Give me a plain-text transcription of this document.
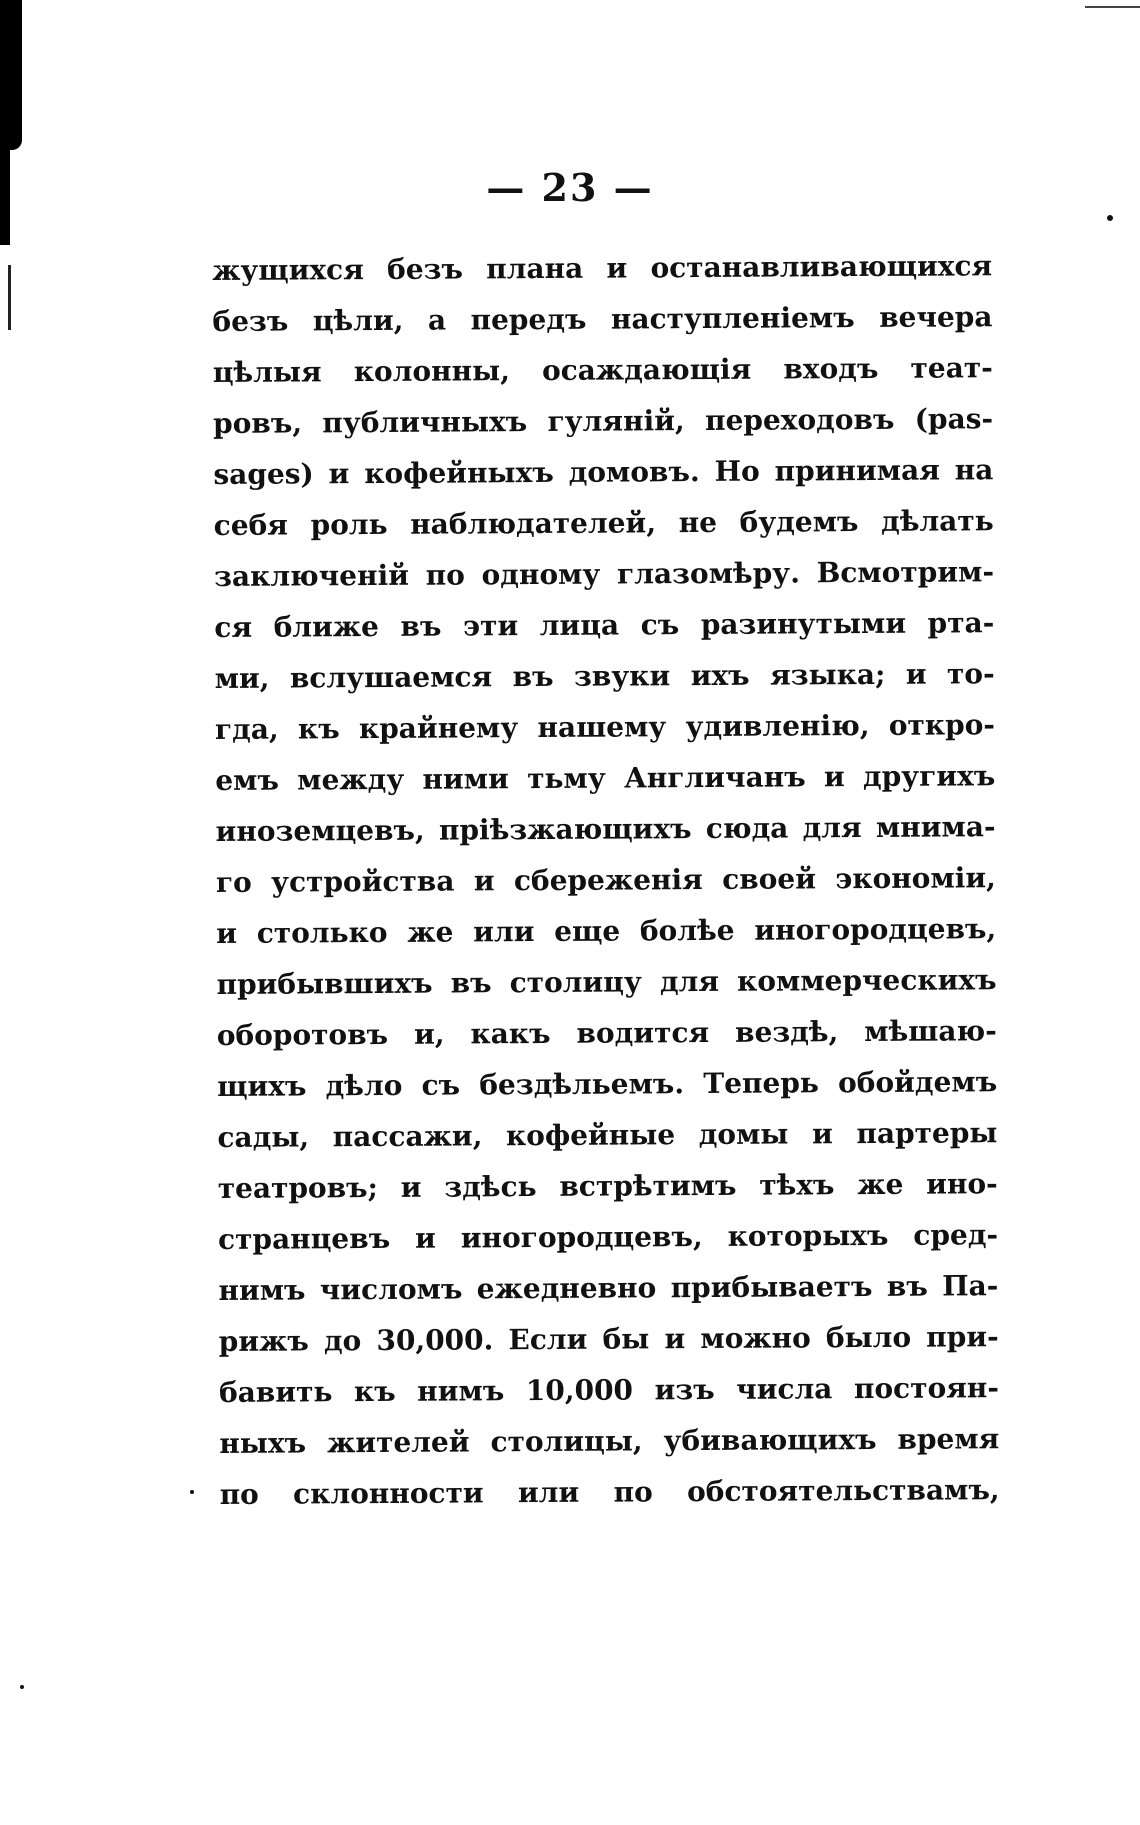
— 23 —
жущихся безъ плана и останавливающихся
безъ цѣли, а передъ наступленіемъ вечера
цѣлыя колонны, осаждающія входъ теат-
ровъ, публичныхъ гуляній, переходовъ (pas-
sages) и кофейныхъ домовъ. Но принимая на
себя роль наблюдателей, не будемъ дѣлать
заключеній по одному глазомѣру. Всмотрим-
ся ближе въ эти лица съ разинутыми рта-
ми, вслушаемся въ звуки ихъ языка; и то-
гда, къ крайнему нашему удивленію, откро-
емъ между ними тьму Англичанъ и другихъ
иноземцевъ, пріѣзжающихъ сюда для мнима-
го устройства и сбереженія своей экономіи,
и столько же или еще болѣе иногородцевъ,
прибывшихъ въ столицу для коммерческихъ
оборотовъ и, какъ водится вездѣ, мѣшаю-
щихъ дѣло съ бездѣльемъ. Теперь обойдемъ
сады, пассажи, кофейные домы и партеры
театровъ; и здѣсь встрѣтимъ тѣхъ же ино-
странцевъ и иногородцевъ, которыхъ сред-
нимъ числомъ ежедневно прибываетъ въ Па-
рижъ до 30,000. Если бы и можно было при-
бавить къ нимъ 10,000 изъ числа постоян-
ныхъ жителей столицы, убивающихъ время
по склонности или по обстоятельствамъ,
